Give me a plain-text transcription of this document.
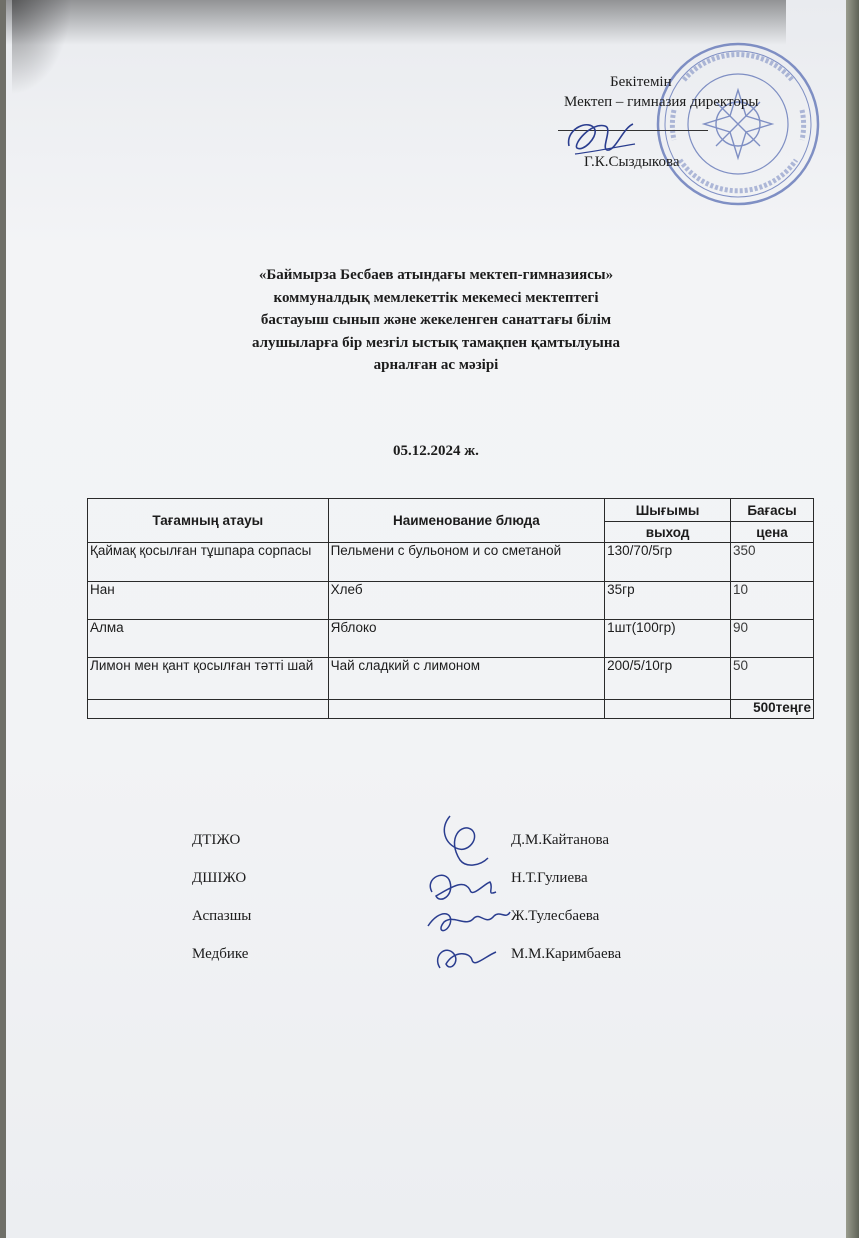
Бекітемін
Мектеп – гимназия директоры
Г.К.Сыздыкова
«Баймырза Бесбаев атындағы мектеп-гимназиясы»
коммуналдық мемлекеттік мекемесі мектептегі
бастауыш сынып және жекеленген санаттағы білім
алушыларға бір мезгіл ыстық тамақпен қамтылуына
арналған ас мәзірі
05.12.2024 ж.
Тағамның атауы	Наименование блюда	Шығымы	Бағасы
		выход	цена
Қаймақ қосылған тұшпара сорпасы	Пельмени с бульоном и со сметаной	130/70/5гр	350
Нан	Хлеб	35гр	10
Алма	Яблоко	1шт(100гр)	90
Лимон мен қант қосылған тәтті шай	Чай сладкий с лимоном	200/5/10гр	50
			500теңге
ДТІЖО	Д.М.Кайтанова
ДШІЖО	Н.Т.Гулиева
Аспазшы	Ж.Тулесбаева
Медбике	М.М.Каримбаева
